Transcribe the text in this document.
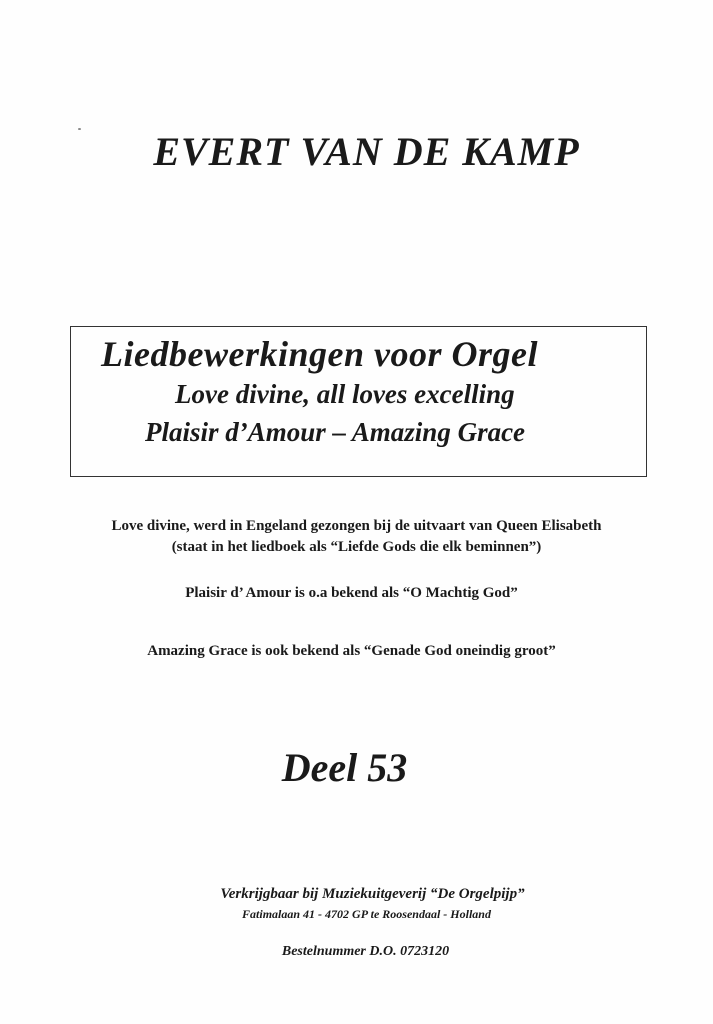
EVERT VAN DE KAMP
Liedbewerkingen voor Orgel
Love divine, all loves excelling
Plaisir d’Amour – Amazing Grace
Love divine, werd in Engeland gezongen bij de uitvaart van Queen Elisabeth
(staat in het liedboek als “Liefde Gods die elk beminnen”)
Plaisir d’ Amour is o.a bekend als “O Machtig God”
Amazing Grace is ook bekend als “Genade God oneindig groot”
Deel 53
Verkrijgbaar bij Muziekuitgeverij “De Orgelpijp”
Fatimalaan 41 - 4702 GP te Roosendaal - Holland
Bestelnummer D.O. 0723120
